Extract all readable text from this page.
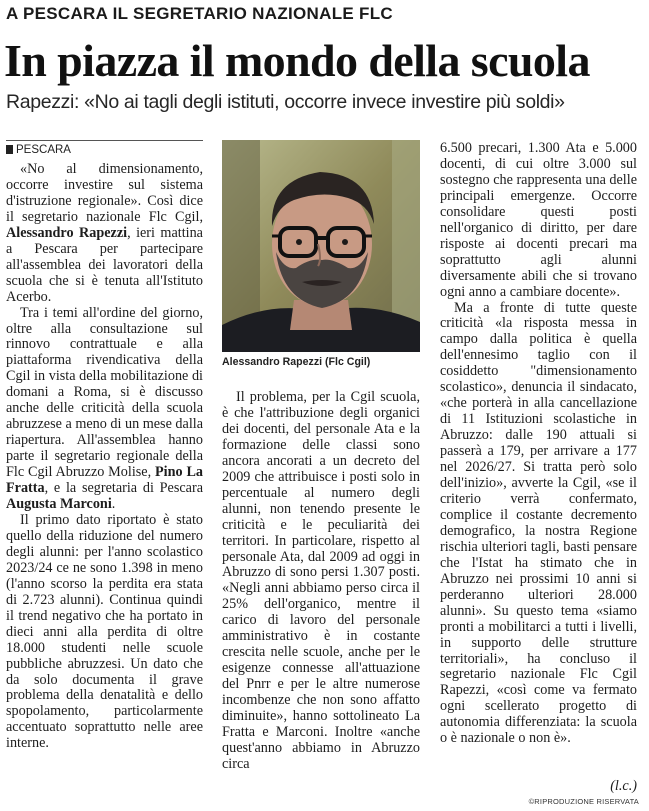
A PESCARA IL SEGRETARIO NAZIONALE FLC
In piazza il mondo della scuola
Rapezzi: «No ai tagli degli istituti, occorre invece investire più soldi»
PESCARA

«No al dimensionamento, occorre investire sul sistema d'istruzione regionale». Così dice il segretario nazionale Flc Cgil, Alessandro Rapezzi, ieri mattina a Pescara per partecipare all'assemblea dei lavoratori della scuola che si è tenuta all'Istituto Acerbo.

Tra i temi all'ordine del giorno, oltre alla consultazione sul rinnovo contrattuale e alla piattaforma rivendicativa della Cgil in vista della mobilitazione di domani a Roma, si è discusso anche delle criticità della scuola abruzzese a meno di un mese dalla riapertura. All'assemblea hanno parte il segretario regionale della Flc Cgil Abruzzo Molise, Pino La Fratta, e la segretaria di Pescara Augusta Marconi.

Il primo dato riportato è stato quello della riduzione del numero degli alunni: per l'anno scolastico 2023/24 ce ne sono 1.398 in meno (l'anno scorso la perdita era stata di 2.723 alunni). Continua quindi il trend negativo che ha portato in dieci anni alla perdita di oltre 18.000 studenti nelle scuole pubbliche abruzzesi. Un dato che da solo documenta il grave problema della denatalità e dello spopolamento, particolarmente accentuato soprattutto nelle aree interne.

Alessandro Rapezzi (Flc Cgil)

Il problema, per la Cgil scuola, è che l'attribuzione degli organici dei docenti, del personale Ata e la formazione delle classi sono ancora ancorati a un decreto del 2009 che attribuisce i posti solo in percentuale al numero degli alunni, non tenendo presente le criticità e le peculiarità dei territori. In particolare, rispetto al personale Ata, dal 2009 ad oggi in Abruzzo di sono persi 1.307 posti. «Negli anni abbiamo perso circa il 25% dell'organico, mentre il carico di lavoro del personale amministrativo è in costante crescita nelle scuole, anche per le esigenze connesse all'attuazione del Pnrr e per le altre numerose incombenze che non sono affatto diminuite», hanno sottolineato La Fratta e Marconi. Inoltre «anche quest'anno abbiamo in Abruzzo circa

6.500 precari, 1.300 Ata e 5.000 docenti, di cui oltre 3.000 sul sostegno che rappresenta una delle principali emergenze. Occorre consolidare questi posti nell'organico di diritto, per dare risposte ai docenti precari ma soprattutto agli alunni diversamente abili che si trovano ogni anno a cambiare docente».

Ma a fronte di tutte queste criticità «la risposta messa in campo dalla politica è quella dell'ennesimo taglio con il cosiddetto "dimensionamento scolastico», denuncia il sindacato, «che porterà in alla cancellazione di 11 Istituzioni scolastiche in Abruzzo: dalle 190 attuali si passerà a 179, per arrivare a 177 nel 2026/27. Si tratta però solo dell'inizio», avverte la Cgil, «se il criterio verrà confermato, complice il costante decremento demografico, la nostra Regione rischia ulteriori tagli, basti pensare che l'Istat ha stimato che in Abruzzo nei prossimi 10 anni si perderanno ulteriori 28.000 alunni». Su questo tema «siamo pronti a mobilitarci a tutti i livelli, in supporto delle strutture territoriali», ha concluso il segretario nazionale Flc Cgil Rapezzi, «così come va fermato ogni scellerato progetto di autonomia differenziata: la scuola o è nazionale o non è».

(l.c.)
©RIPRODUZIONE RISERVATA
